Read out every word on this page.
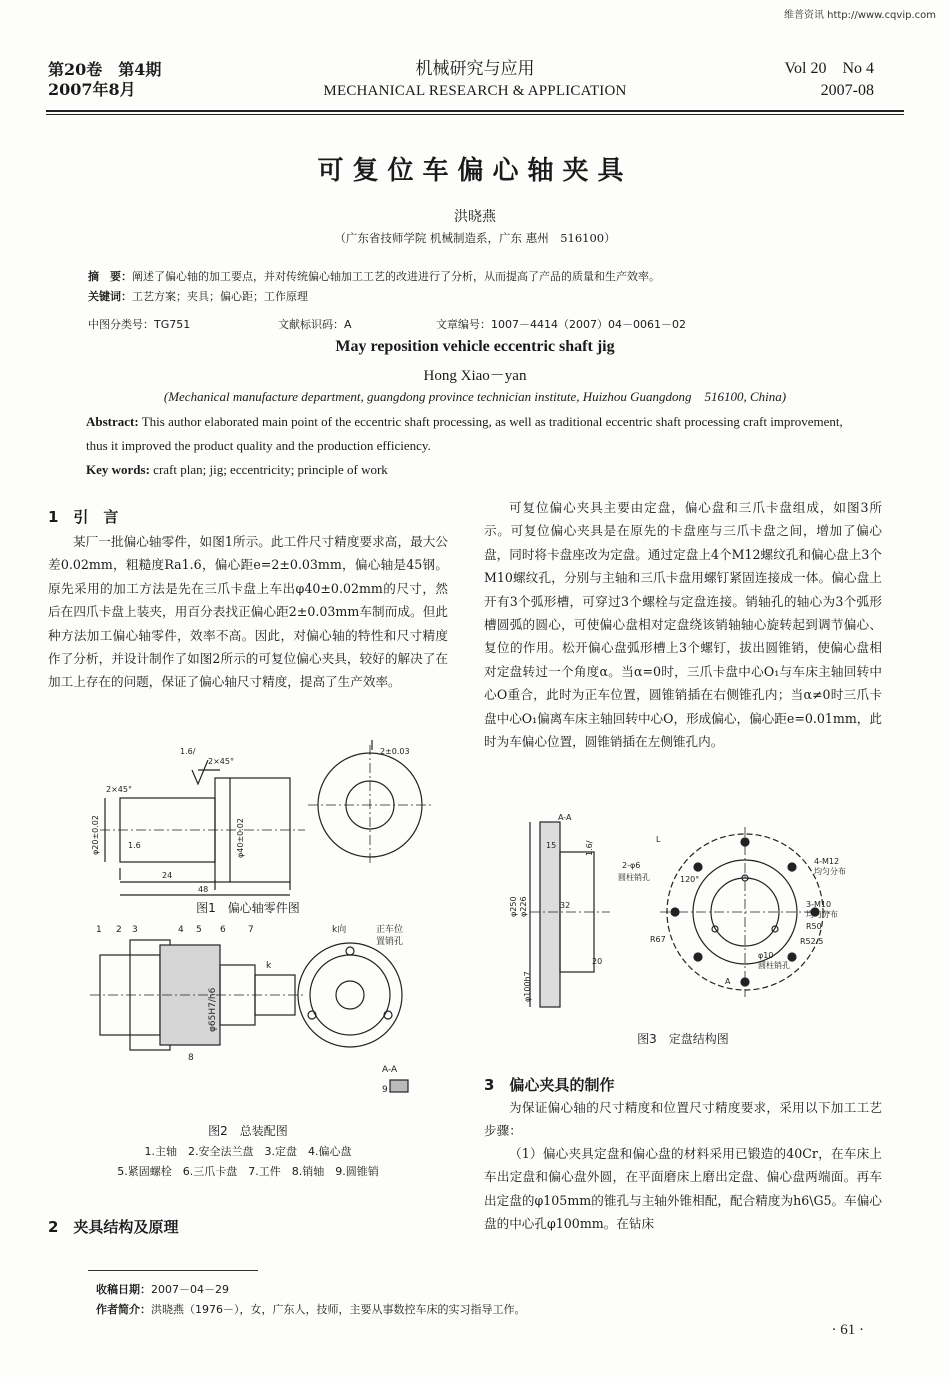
维普资讯 http://www.cqvip.com
第20卷　第4期
2007年8月
机械研究与应用
MECHANICAL RESEARCH & APPLICATION
Vol 20　No 4
2007-08
可复位车偏心轴夹具
洪晓燕
（广东省技师学院 机械制造系，广东 惠州　516100）
摘　要：阐述了偏心轴的加工要点，并对传统偏心轴加工工艺的改进进行了分析，从而提高了产品的质量和生产效率。
关键词：工艺方案；夹具；偏心距；工作原理
中图分类号：TG751	文献标识码：A	文章编号：1007－4414（2007）04－0061－02
May reposition vehicle eccentric shaft jig
Hong Xiao－yan
(Mechanical manufacture department, guangdong province technician institute, Huizhou Guangdong　516100, China)
Abstract: This author elaborated main point of the eccentric shaft processing, as well as traditional eccentric shaft processing craft improvement, thus it improved the product quality and the production efficiency.
Key words: craft plan; jig; eccentricity; principle of work
1　引　言
某厂一批偏心轴零件，如图1所示。此工件尺寸精度要求高，最大公差0.02mm，粗糙度Ra1.6，偏心距e=2±0.03mm，偏心轴是45钢。原先采用的加工方法是先在三爪卡盘上车出φ40±0.02mm的尺寸，然后在四爪卡盘上装夹，用百分表找正偏心距2±0.03mm车制而成。但此种方法加工偏心轴零件，效率不高。因此，对偏心轴的特性和尺寸精度作了分析，并设计制作了如图2所示的可复位偏心夹具，较好的解决了在加工上存在的问题，保证了偏心轴尺寸精度，提高了生产效率。
1.6/
2×45°
2×45°
φ20±0.02	φ40±0.02
1.6
24
48
2±0.03
图1　偏心轴零件图
1 2 3	4 5 6 7
8
9
k向	正车位
置销孔
k
A-A
φ65H7/h6
图2　总装配图
1.主轴　2.安全法兰盘　3.定盘　4.偏心盘
5.紧固螺栓　6.三爪卡盘　7.工件　8.销轴　9.圆锥销
2　夹具结构及原理
可复位偏心夹具主要由定盘，偏心盘和三爪卡盘组成，如图3所示。可复位偏心夹具是在原先的卡盘座与三爪卡盘之间，增加了偏心盘，同时将卡盘座改为定盘。通过定盘上4个M12螺纹孔和偏心盘上3个M10螺纹孔，分别与主轴和三爪卡盘用螺钉紧固连接成一体。偏心盘上开有3个弧形槽，可穿过3个螺栓与定盘连接。销轴孔的轴心为3个弧形槽圆弧的圆心，可使偏心盘相对定盘绕该销轴轴心旋转起到调节偏心、复位的作用。松开偏心盘弧形槽上3个螺钉，拔出圆锥销，使偏心盘相对定盘转过一个角度α。当α=0时，三爪卡盘中心O₁与车床主轴回转中心O重合，此时为正车位置，圆锥销插在右侧锥孔内；当α≠0时三爪卡盘中心O₁偏离车床主轴回转中心O，形成偏心，偏心距e=0.01mm，此时为车偏心位置，圆锥销插在左侧锥孔内。
A-A
1.6/
15
φ250 φ226	32
20
φ100h7
2-φ6
圆柱销孔	120°
4-M12
均匀分布
3-M10
均匀分布
R50
R67	R52.5
φ10
圆柱销孔
A
L
图3　定盘结构图
3　偏心夹具的制作
为保证偏心轴的尺寸精度和位置尺寸精度要求，采用以下加工工艺步骤：
（1）偏心夹具定盘和偏心盘的材料采用已锻造的40Cr，在车床上车出定盘和偏心盘外圆，在平面磨床上磨出定盘、偏心盘两端面。再车出定盘的φ105mm的锥孔与主轴外锥相配，配合精度为h6\G5。车偏心盘的中心孔φ100mm。在钻床
收稿日期：2007－04－29
作者简介：洪晓燕（1976－），女，广东人，技师，主要从事数控车床的实习指导工作。
· 61 ·
